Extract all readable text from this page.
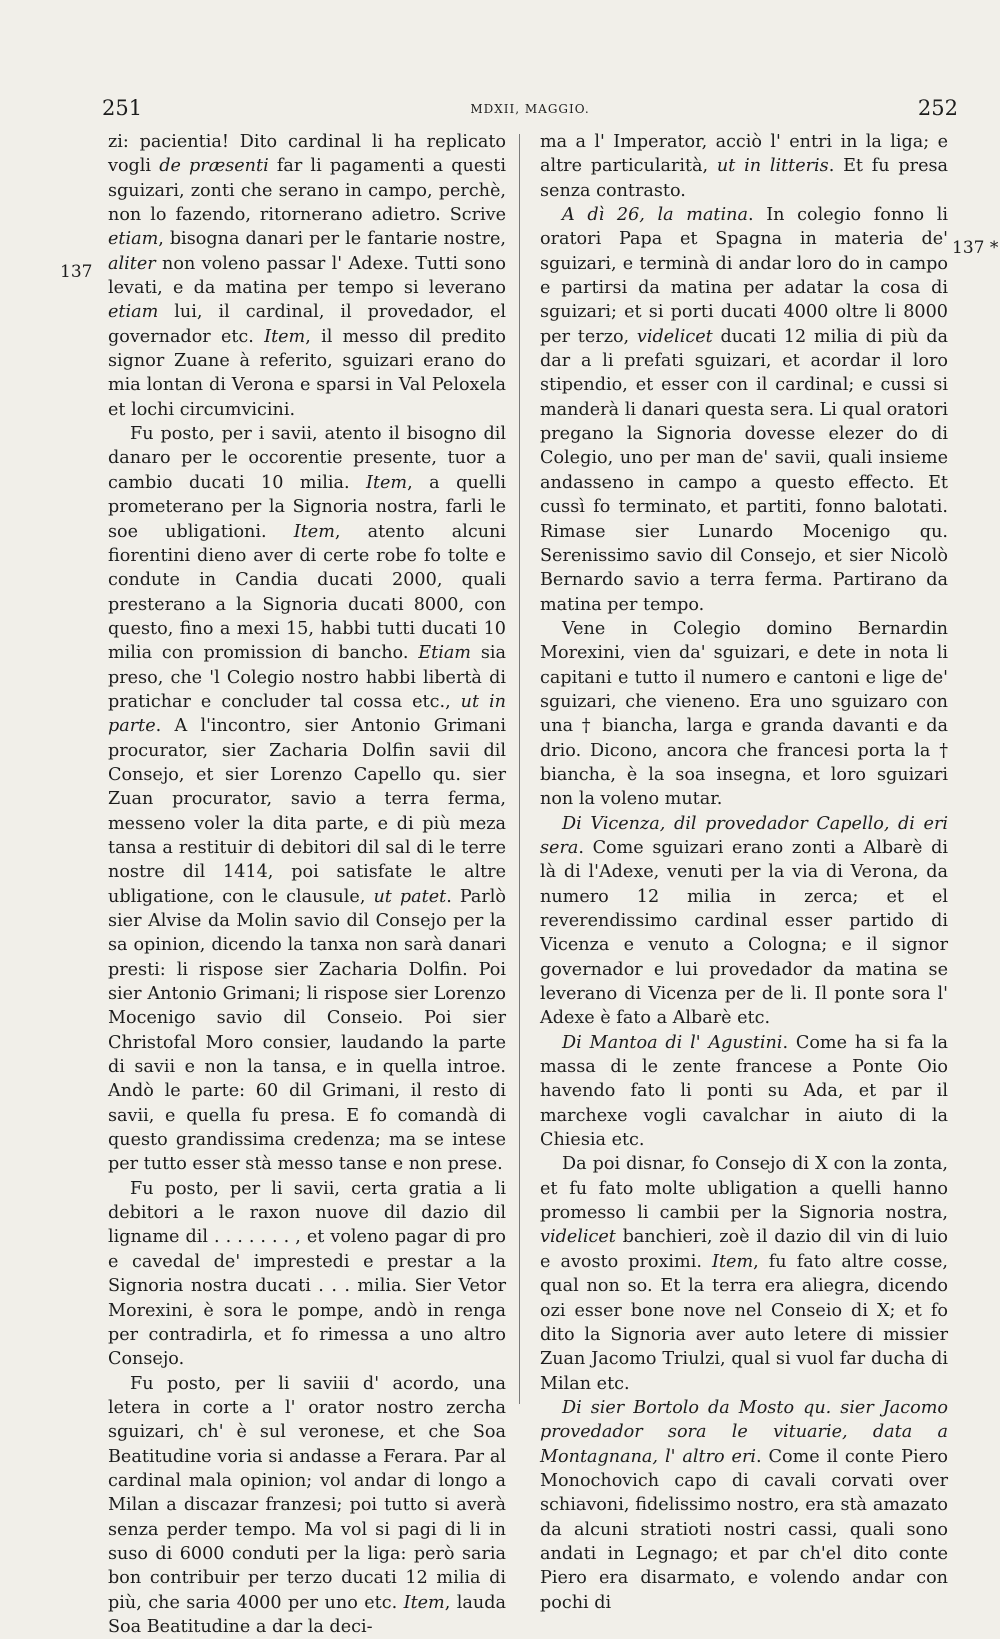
251	MDXII, MAGGIO.	252
137
137 *

zi: pacientia! Dito cardinal li ha replicato vogli de præsenti far li pagamenti a questi sguizari, zonti che serano in campo, perchè, non lo fazendo, ritornerano adietro. Scrive etiam, bisogna danari per le fantarie nostre, aliter non voleno passar l' Adexe. Tutti sono levati, e da matina per tempo si leverano etiam lui, il cardinal, il provedador, el governador etc. Item, il messo dil predito signor Zuane à referito, sguizari erano do mia lontan di Verona e sparsi in Val Peloxela et lochi circumvicini.

Fu posto, per i savii, atento il bisogno dil danaro per le occorentie presente, tuor a cambio ducati 10 milia. Item, a quelli prometerano per la Signoria nostra, farli le soe ubligationi. Item, atento alcuni fiorentini dieno aver di certe robe fo tolte e condute in Candia ducati 2000, quali presterano a la Signoria ducati 8000, con questo, fino a mexi 15, habbi tutti ducati 10 milia con promission di bancho. Etiam sia preso, che 'l Colegio nostro habbi libertà di pratichar e concluder tal cossa etc., ut in parte. A l'incontro, sier Antonio Grimani procurator, sier Zacharia Dolfin savii dil Consejo, et sier Lorenzo Capello qu. sier Zuan procurator, savio a terra ferma, messeno voler la dita parte, e di più meza tansa a restituir di debitori dil sal di le terre nostre dil 1414, poi satisfate le altre ubligatione, con le clausule, ut patet. Parlò sier Alvise da Molin savio dil Consejo per la sa opinion, dicendo la tanxa non sarà danari presti: li rispose sier Zacharia Dolfin. Poi sier Antonio Grimani; li rispose sier Lorenzo Mocenigo savio dil Conseio. Poi sier Christofal Moro consier, laudando la parte di savii e non la tansa, e in quella introe. Andò le parte: 60 dil Grimani, il resto di savii, e quella fu presa. E fo comandà di questo grandissima credenza; ma se intese per tutto esser stà messo tanse e non prese.

Fu posto, per li savii, certa gratia a li debitori a le raxon nuove dil dazio dil ligname dil . . . . . . . , et voleno pagar di pro e cavedal de' imprestedi e prestar a la Signoria nostra ducati . . . milia. Sier Vetor Morexini, è sora le pompe, andò in renga per contradirla, et fo rimessa a uno altro Consejo.

Fu posto, per li saviii d' acordo, una letera in corte a l' orator nostro zercha sguizari, ch' è sul veronese, et che Soa Beatitudine voria si andasse a Ferara. Par al cardinal mala opinion; vol andar di longo a Milan a discazar franzesi; poi tutto si averà senza perder tempo. Ma vol si pagi di li in suso di 6000 conduti per la liga: però saria bon contribuir per terzo ducati 12 milia di più, che saria 4000 per uno etc. Item, lauda Soa Beatitudine a dar la deci-

ma a l' Imperator, acciò l' entri in la liga; e altre particularità, ut in litteris. Et fu presa senza contrasto.

A dì 26, la matina. In colegio fonno li oratori Papa et Spagna in materia de' sguizari, e terminà di andar loro do in campo e partirsi da matina per adatar la cosa di sguizari; et si porti ducati 4000 oltre li 8000 per terzo, videlicet ducati 12 milia di più da dar a li prefati sguizari, et acordar il loro stipendio, et esser con il cardinal; e cussi si manderà li danari questa sera. Li qual oratori pregano la Signoria dovesse elezer do di Colegio, uno per man de' savii, quali insieme andasseno in campo a questo effecto. Et cussì fo terminato, et partiti, fonno balotati. Rimase sier Lunardo Mocenigo qu. Serenissimo savio dil Consejo, et sier Nicolò Bernardo savio a terra ferma. Partirano da matina per tempo.

Vene in Colegio domino Bernardin Morexini, vien da' sguizari, e dete in nota li capitani e tutto il numero e cantoni e lige de' sguizari, che vieneno. Era uno sguizaro con una † biancha, larga e granda davanti e da drio. Dicono, ancora che francesi porta la † biancha, è la soa insegna, et loro sguizari non la voleno mutar.

Di Vicenza, dil provedador Capello, di eri sera. Come sguizari erano zonti a Albarè di là di l'Adexe, venuti per la via di Verona, da numero 12 milia in zerca; et el reverendissimo cardinal esser partido di Vicenza e venuto a Cologna; e il signor governador e lui provedador da matina se leverano di Vicenza per de li. Il ponte sora l' Adexe è fato a Albarè etc.

Di Mantoa di l' Agustini. Come ha si fa la massa di le zente francese a Ponte Oio havendo fato li ponti su Ada, et par il marchexe vogli cavalchar in aiuto di la Chiesia etc.

Da poi disnar, fo Consejo di X con la zonta, et fu fato molte ubligation a quelli hanno promesso li cambii per la Signoria nostra, videlicet banchieri, zoè il dazio dil vin di luio e avosto proximi. Item, fu fato altre cosse, qual non so. Et la terra era aliegra, dicendo ozi esser bone nove nel Conseio di X; et fo dito la Signoria aver auto letere di missier Zuan Jacomo Triulzi, qual si vuol far ducha di Milan etc.

Di sier Bortolo da Mosto qu. sier Jacomo provedador sora le vituarie, data a Montagnana, l' altro eri. Come il conte Piero Monochovich capo di cavali corvati over schiavoni, fidelissimo nostro, era stà amazato da alcuni stratioti nostri cassi, quali sono andati in Legnago; et par ch'el dito conte Piero era disarmato, e volendo andar con pochi di
